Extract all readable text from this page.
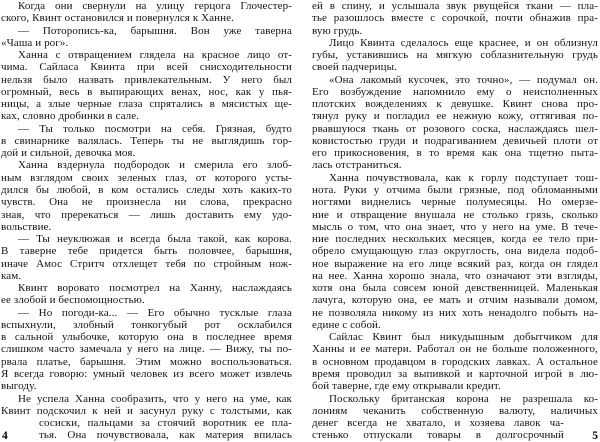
Когда они свернули на улицу герцога Глочестер-
ского, Квинт остановился и повернулся к Ханне.
— Поторопись-ка, барышня. Вон уже таверна
«Чаша и рог».
Ханна с отвращением глядела на красное лицо от-
чима. Сайласа Квинта при всей снисходительности
нельзя было назвать привлекательным. У него был
огромный, весь в выпирающих венах, нос, как у пья-
ницы, а злые черные глаза спрятались в мясистых ще-
ках, словно дробинки в сале.
— Ты только посмотри на себя. Грязная, будто
в свинарнике валялась. Теперь ты не выглядишь гор-
дой и сильной, девочка моя.
Ханна вздернула подбородок и смерила его злоб-
ным взглядом своих зеленых глаз, от которого усты-
дился бы любой, в ком остались следы хоть каких-то
чувств. Она не произнесла ни слова, прекрасно
зная, что пререкаться — лишь доставить ему удо-
вольствие.
— Ты неуклюжая и всегда была такой, как корова.
В таверне тебе придется быть половчее, барышня,
иначе Амос Стритч отхлещет тебя по стройным нож-
кам.
Квинт воровато посмотрел на Ханну, наслаждаясь
ее злобой и беспомощностью.
— Но погоди-ка... — Его обычно тусклые глаза
вспыхнули, злобный тонкогубый рот осклабился
в сальной улыбочке, которую она в последнее время
слишком часто замечала у него на лице. — Вижу, ты по-
рвала платье, барышня. Этим можно воспользоваться.
Я всегда говорю: умный человек из всего может извлечь
выгоду.
Не успела Ханна сообразить, что у него на уме, как
Квинт подскочил к ней и засунул руку с толстыми, как
сосиски, пальцами за стоячий воротник ее пла-
тья. Она почувствовала, как материя впилась
4
ей в спину, и услышала звук рвущейся ткани — пла-
тье разошлось вместе с сорочкой, почти обнажив пра-
вую грудь.
Лицо Квинта сделалось еще краснее, и он облизнул
губы, уставившись на мягкую соблазнительную грудь
своей падчерицы.
«Она лакомый кусочек, это точно», — подумал он.
Его возбуждение напомнило ему о неисполненных
плотских вожделениях к девушке. Квинт снова про-
тянул руку и погладил ее нежную кожу, оттягивая по-
рвавшуюся ткань от розового соска, наслаждаясь шел-
ковистостью груди и подрагиванием девичьей плоти от
его прикосновения, в то время как она тщетно пыта-
лась отстраниться.
Ханна почувствовала, как к горлу подступает тош-
нота. Руки у отчима были грязные, под обломанными
ногтями виднелись черные полумесяцы. Но омерзе-
ние и отвращение внушала не столько грязь, сколько
мысль о том, что она знает, что у него на уме. В тече-
ние последних нескольких месяцев, когда ее тело при-
обрело смущающую глаз округлость, она видела подоб-
ное выражение на его лице всякий раз, когда он глядел
на нее. Ханна хорошо знала, что означают эти взгляды,
хотя она была совсем юной девственницей. Маленькая
лачуга, которую она, ее мать и отчим называли домом,
не позволяла никому из них хоть ненадолго побыть на-
едине с собой.
Сайлас Квинт был никудышным добытчиком для
Ханны и ее матери. Работал он не больше положенного,
в основном продавцом в городских лавках. А остальное
время проводил за выпивкой и карточной игрой в лю-
бой таверне, где ему открывали кредит.
Поскольку британская корона не разрешала ко-
лониям чеканить собственную валюту, наличных
денег всегда не хватало, и хозяева лавок ча-
стенько отпускали товары в долгосрочный 5
